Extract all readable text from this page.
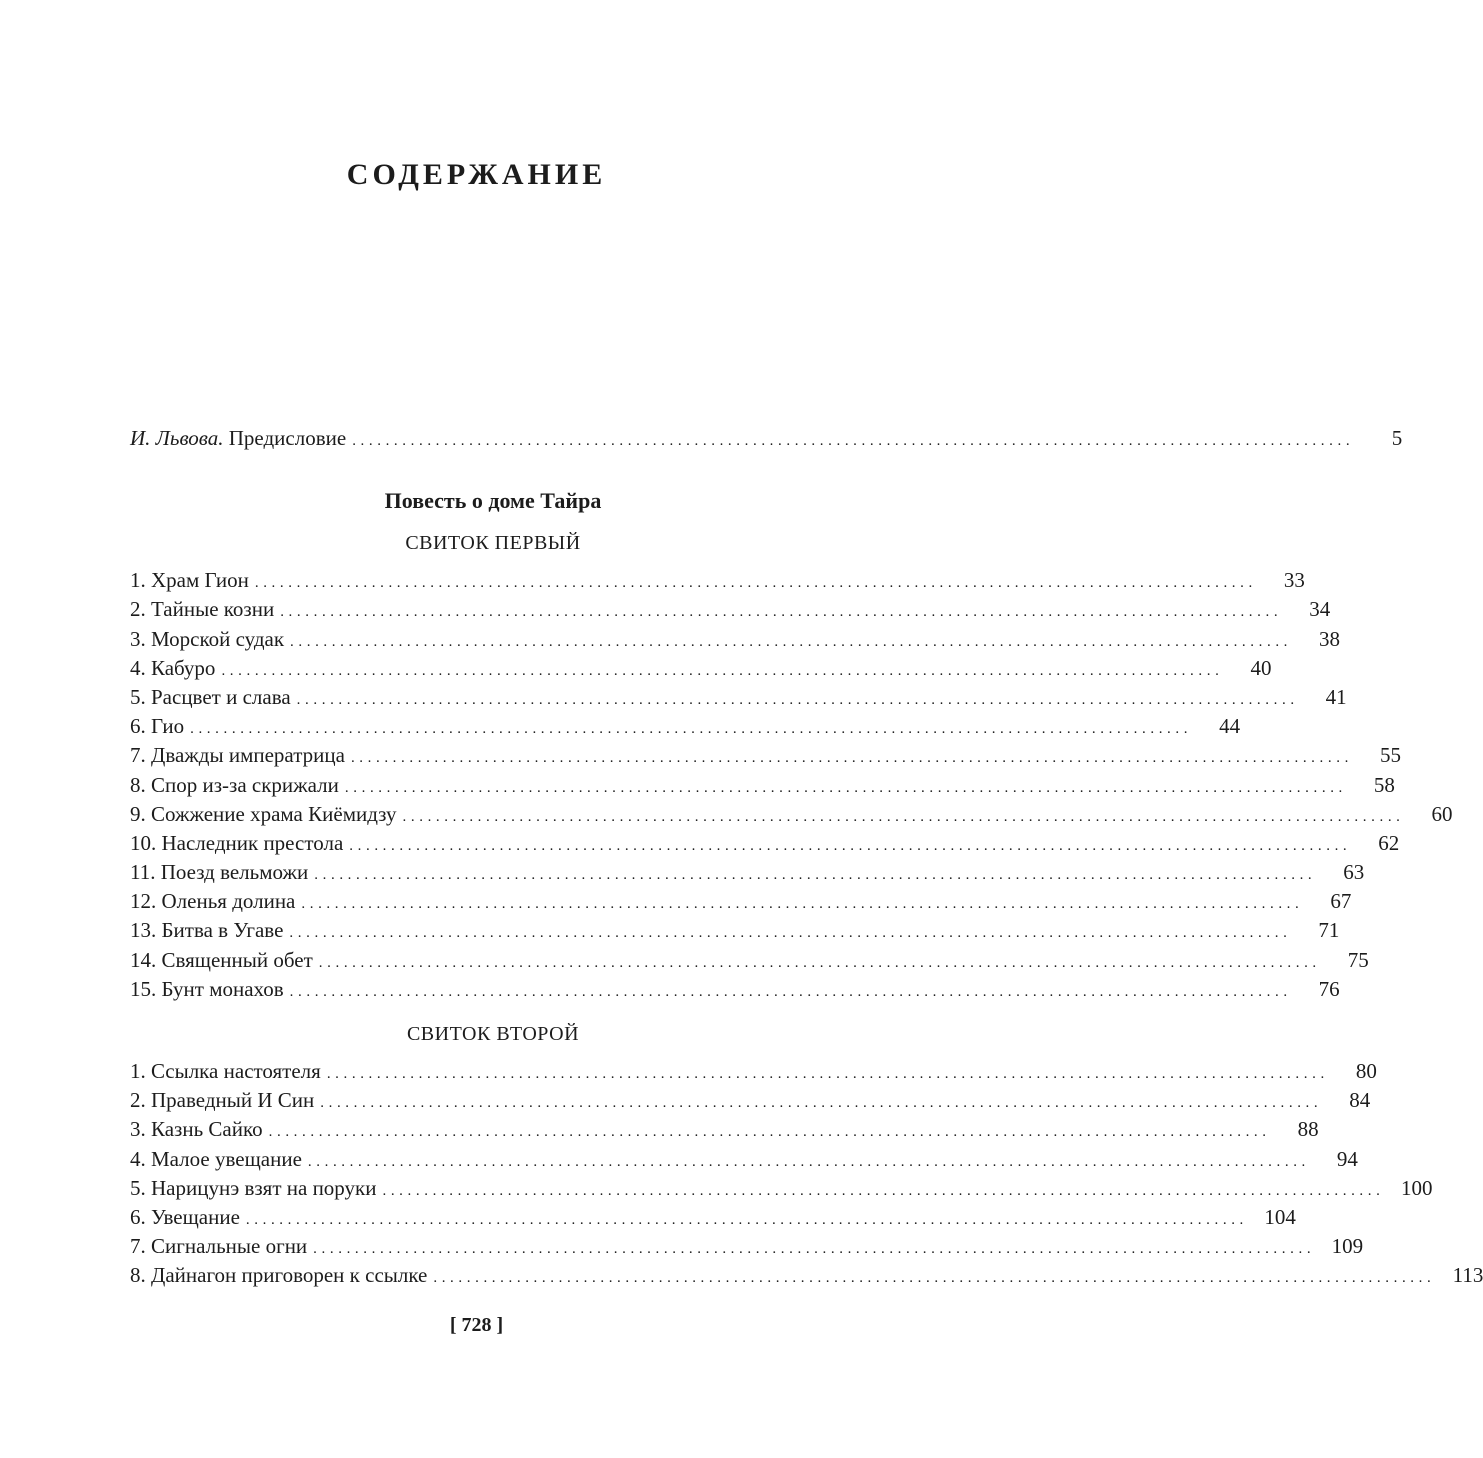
СОДЕРЖАНИЕ
И. Львова. Предисловие ........................................................................................................................	5
Повесть о доме Тайра
СВИТОК ПЕРВЫЙ
1. Храм Гион ........................................................................................................................	33
2. Тайные козни ........................................................................................................................	34
3. Морской судак ........................................................................................................................	38
4. Кабуро ........................................................................................................................	40
5. Расцвет и слава ........................................................................................................................	41
6. Гио ........................................................................................................................	44
7. Дважды императрица ........................................................................................................................	55
8. Спор из-за скрижали ........................................................................................................................	58
9. Сожжение храма Киёмидзу ........................................................................................................................	60
10. Наследник престола ........................................................................................................................	62
11. Поезд вельможи ........................................................................................................................	63
12. Оленья долина ........................................................................................................................	67
13. Битва в Угаве ........................................................................................................................	71
14. Священный обет ........................................................................................................................	75
15. Бунт монахов ........................................................................................................................	76
СВИТОК ВТОРОЙ
1. Ссылка настоятеля ........................................................................................................................	80
2. Праведный И Син ........................................................................................................................	84
3. Казнь Сайко ........................................................................................................................	88
4. Малое увещание ........................................................................................................................	94
5. Нарицунэ взят на поруки ........................................................................................................................ 100
6. Увещание ........................................................................................................................ 104
7. Сигнальные огни ........................................................................................................................ 109
8. Дайнагон приговорен к ссылке ........................................................................................................................ 113
[ 728 ]
